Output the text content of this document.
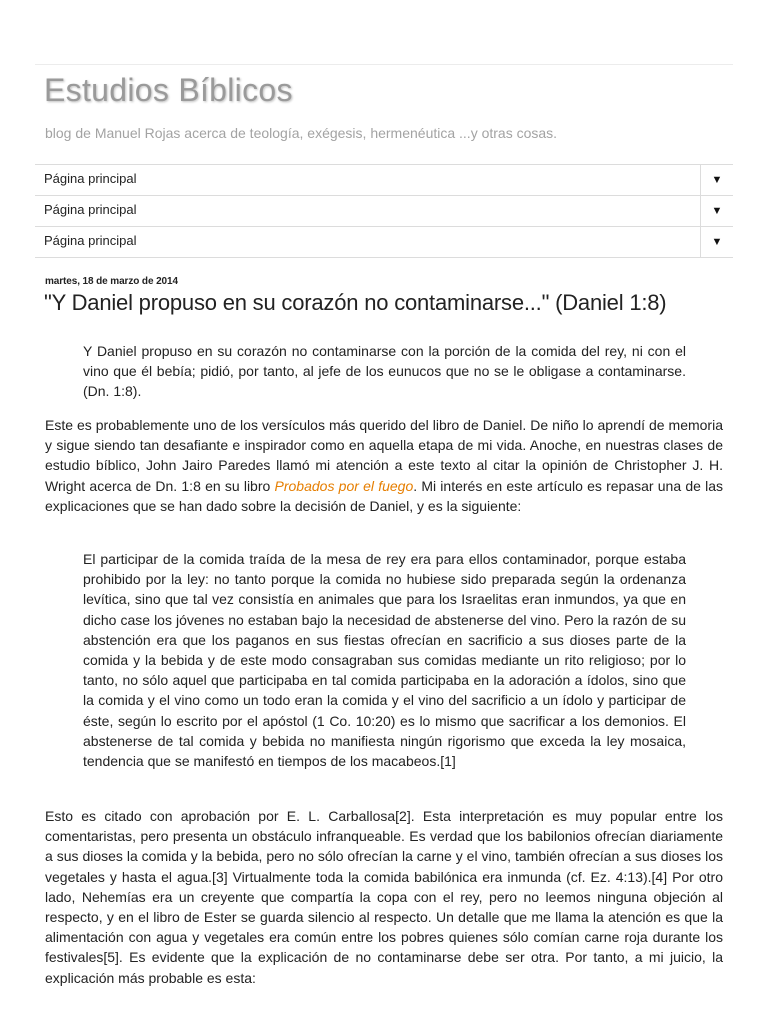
Estudios Bíblicos
blog de Manuel Rojas acerca de teología, exégesis, hermenéutica ...y otras cosas.
Página principal	▼
Página principal	▼
Página principal	▼
martes, 18 de marzo de 2014
"Y Daniel propuso en su corazón no contaminarse..." (Daniel 1:8)

Y Daniel propuso en su corazón no contaminarse con la porción de la comida del rey, ni con el vino que él bebía; pidió, por tanto, al jefe de los eunucos que no se le obligase a contaminarse. (Dn. 1:8).

Este es probablemente uno de los versículos más querido del libro de Daniel. De niño lo aprendí de memoria y sigue siendo tan desafiante e inspirador como en aquella etapa de mi vida. Anoche, en nuestras clases de estudio bíblico, John Jairo Paredes llamó mi atención a este texto al citar la opinión de Christopher J. H. Wright acerca de Dn. 1:8 en su libro Probados por el fuego. Mi interés en este artículo es repasar una de las explicaciones que se han dado sobre la decisión de Daniel, y es la siguiente:

El participar de la comida traída de la mesa de rey era para ellos contaminador, porque estaba prohibido por la ley: no tanto porque la comida no hubiese sido preparada según la ordenanza levítica, sino que tal vez consistía en animales que para los Israelitas eran inmundos, ya que en dicho case los jóvenes no estaban bajo la necesidad de abstenerse del vino. Pero la razón de su abstención era que los paganos en sus fiestas ofrecían en sacrificio a sus dioses parte de la comida y la bebida y de este modo consagraban sus comidas mediante un rito religioso; por lo tanto, no sólo aquel que participaba en tal comida participaba en la adoración a ídolos, sino que la comida y el vino como un todo eran la comida y el vino del sacrificio a un ídolo y participar de éste, según lo escrito por el apóstol (1 Co. 10:20) es lo mismo que sacrificar a los demonios. El abstenerse de tal comida y bebida no manifiesta ningún rigorismo que exceda la ley mosaica, tendencia que se manifestó en tiempos de los macabeos.[1]

Esto es citado con aprobación por E. L. Carballosa[2]. Esta interpretación es muy popular entre los comentaristas, pero presenta un obstáculo infranqueable. Es verdad que los babilonios ofrecían diariamente a sus dioses la comida y la bebida, pero no sólo ofrecían la carne y el vino, también ofrecían a sus dioses los vegetales y hasta el agua.[3] Virtualmente toda la comida babilónica era inmunda (cf. Ez. 4:13).[4] Por otro lado, Nehemías era un creyente que compartía la copa con el rey, pero no leemos ninguna objeción al respecto, y en el libro de Ester se guarda silencio al respecto. Un detalle que me llama la atención es que la alimentación con agua y vegetales era común entre los pobres quienes sólo comían carne roja durante los festivales[5]. Es evidente que la explicación de no contaminarse debe ser otra. Por tanto, a mi juicio, la explicación más probable es esta:
